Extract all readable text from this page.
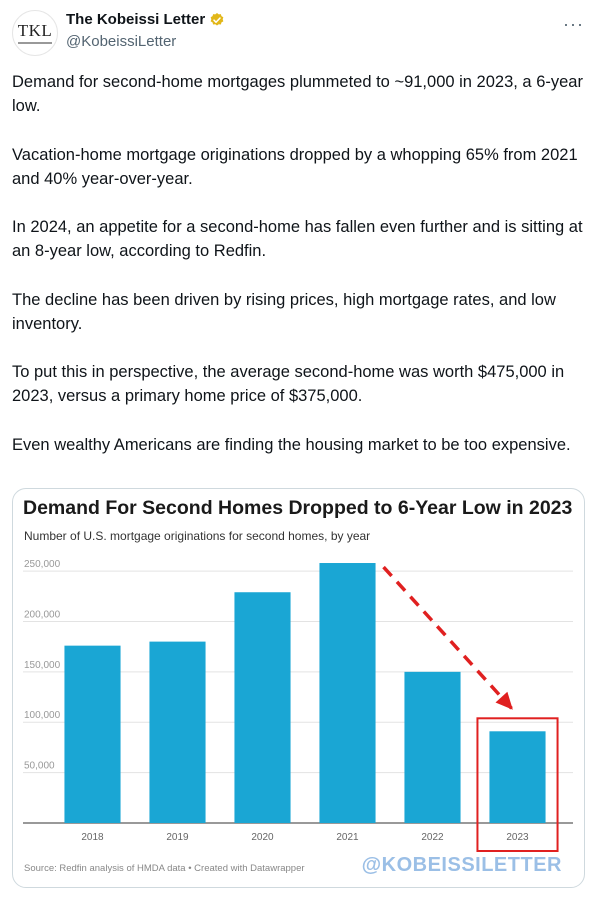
TKL
The Kobeissi Letter
@KobeissiLetter
···

Demand for second-home mortgages plummeted to ~91,000 in 2023, a 6-year low.

Vacation-home mortgage originations dropped by a whopping 65% from 2021 and 40% year-over-year.

In 2024, an appetite for a second-home has fallen even further and is sitting at an 8-year low, according to Redfin.

The decline has been driven by rising prices, high mortgage rates, and low inventory.

To put this in perspective, the average second-home was worth $475,000 in 2023, versus a primary home price of $375,000.

Even wealthy Americans are finding the housing market to be too expensive.

Demand For Second Homes Dropped to 6-Year Low in 2023
Number of U.S. mortgage originations for second homes, by year
50,000
100,000
150,000
200,000
250,000
2018	2019	2020	2021	2022	2023
Source: Redfin analysis of HMDA data • Created with Datawrapper	@KOBEISSILETTER
